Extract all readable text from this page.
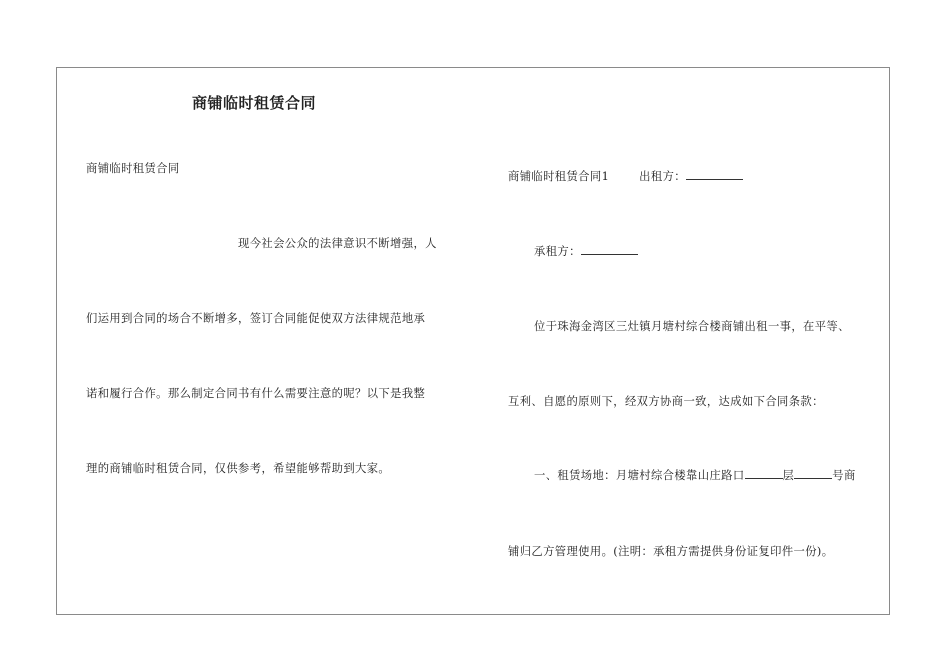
商铺临时租赁合同
商铺临时租赁合同
现今社会公众的法律意识不断增强，人
们运用到合同的场合不断增多，签订合同能促使双方法律规范地承
诺和履行合作。那么制定合同书有什么需要注意的呢？以下是我整
理的商铺临时租赁合同，仅供参考，希望能够帮助到大家。
商铺临时租赁合同1	出租方：
承租方：
位于珠海金湾区三灶镇月塘村综合楼商铺出租一事，在平等、
互利、自愿的原则下，经双方协商一致，达成如下合同条款：
一、租赁场地：月塘村综合楼靠山庄路口	层	号商
铺归乙方管理使用。(注明：承租方需提供身份证复印件一份)。
